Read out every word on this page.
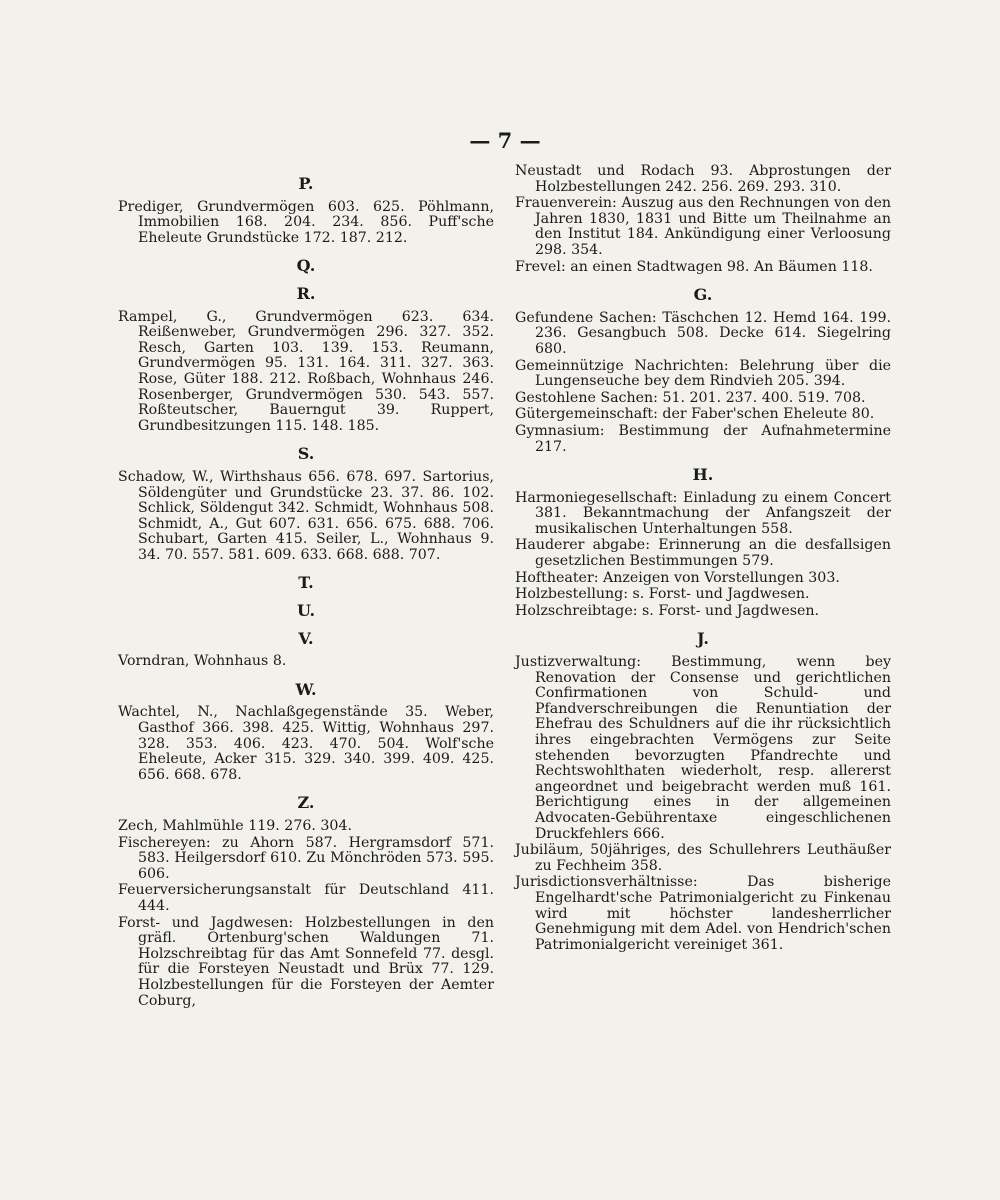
— 7 —
P.
Prediger, Grundvermögen 603. 625. Pöhlmann, Immobilien 168. 204. 234. 856. Puff'sche Eheleute Grundstücke 172. 187. 212.
Q.
R.
Rampel, G., Grundvermögen 623. 634. Reißenweber, Grundvermögen 296. 327. 352. Resch, Garten 103. 139. 153. Reumann, Grundvermögen 95. 131. 164. 311. 327. 363. Rose, Güter 188. 212. Roßbach, Wohnhaus 246. Rosenberger, Grundvermögen 530. 543. 557. Roßteutscher, Bauerngut 39. Ruppert, Grundbesitzungen 115. 148. 185.
S.
Schadow, W., Wirthshaus 656. 678. 697. Sartorius, Söldengüter und Grundstücke 23. 37. 86. 102. Schlick, Söldengut 342. Schmidt, Wohnhaus 508. Schmidt, A., Gut 607. 631. 656. 675. 688. 706. Schubart, Garten 415. Seiler, L., Wohnhaus 9. 34. 70. 557. 581. 609. 633. 668. 688. 707.
T.
U.
V.
Vorndran, Wohnhaus 8.
W.
Wachtel, N., Nachlaßgegenstände 35. Weber, Gasthof 366. 398. 425. Wittig, Wohnhaus 297. 328. 353. 406. 423. 470. 504. Wolf'sche Eheleute, Acker 315. 329. 340. 399. 409. 425. 656. 668. 678.
Z.
Zech, Mahlmühle 119. 276. 304.
Fischereyen: zu Ahorn 587. Hergramsdorf 571. 583. Heilgersdorf 610. Zu Mönchröden 573. 595. 606.
Feuerversicherungsanstalt für Deutschland 411. 444.
Forst- und Jagdwesen: Holzbestellungen in den gräfl. Ortenburg'schen Waldungen 71. Holzschreibtag für das Amt Sonnefeld 77. desgl. für die Forsteyen Neustadt und Brüx 77. 129. Holzbestellungen für die Forsteyen der Aemter Coburg,
Neustadt und Rodach 93. Abprostungen der Holzbestellungen 242. 256. 269. 293. 310.
Frauenverein: Auszug aus den Rechnungen von den Jahren 1830, 1831 und Bitte um Theilnahme an den Institut 184. Ankündigung einer Verloosung 298. 354.
Frevel: an einen Stadtwagen 98. An Bäumen 118.
G.
Gefundene Sachen: Täschchen 12. Hemd 164. 199. 236. Gesangbuch 508. Decke 614. Siegelring 680.
Gemeinnützige Nachrichten: Belehrung über die Lungenseuche bey dem Rindvieh 205. 394.
Gestohlene Sachen: 51. 201. 237. 400. 519. 708.
Gütergemeinschaft: der Faber'schen Eheleute 80.
Gymnasium: Bestimmung der Aufnahmetermine 217.
H.
Harmoniegesellschaft: Einladung zu einem Concert 381. Bekanntmachung der Anfangszeit der musikalischen Unterhaltungen 558.
Hauderer abgabe: Erinnerung an die desfallsigen gesetzlichen Bestimmungen 579.
Hoftheater: Anzeigen von Vorstellungen 303.
Holzbestellung: s. Forst- und Jagdwesen.
Holzschreibtage: s. Forst- und Jagdwesen.
J.
Justizverwaltung: Bestimmung, wenn bey Renovation der Consense und gerichtlichen Confirmationen von Schuld- und Pfandverschreibungen die Renuntiation der Ehefrau des Schuldners auf die ihr rücksichtlich ihres eingebrachten Vermögens zur Seite stehenden bevorzugten Pfandrechte und Rechtswohlthaten wiederholt, resp. allererst angeordnet und beigebracht werden muß 161. Berichtigung eines in der allgemeinen Advocaten-Gebührentaxe eingeschlichenen Druckfehlers 666.
Jubiläum, 50jähriges, des Schullehrers Leuthäußer zu Fechheim 358.
Jurisdictionsverhältnisse: Das bisherige Engelhardt'sche Patrimonialgericht zu Finkenau wird mit höchster landesherrlicher Genehmigung mit dem Adel. von Hendrich'schen Patrimonialgericht vereiniget 361.
